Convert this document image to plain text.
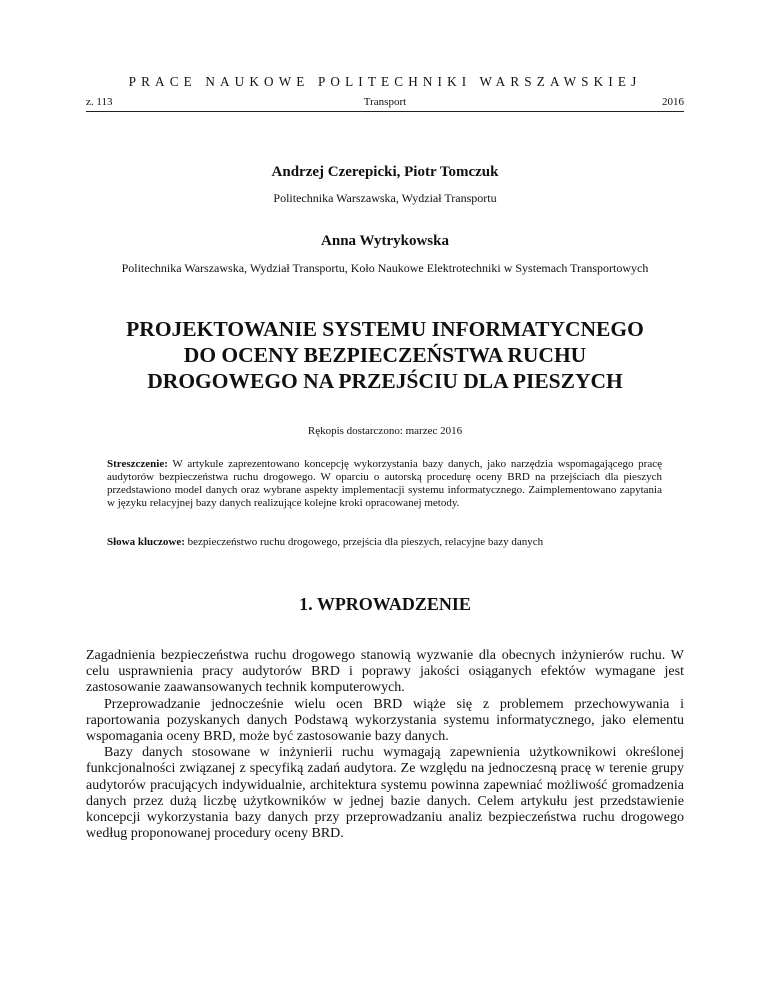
PRACE NAUKOWE POLITECHNIKI WARSZAWSKIEJ
z. 113	Transport	2016
Andrzej Czerepicki, Piotr Tomczuk
Politechnika Warszawska, Wydział Transportu
Anna Wytrykowska
Politechnika Warszawska, Wydział Transportu, Koło Naukowe Elektrotechniki w Systemach Transportowych
PROJEKTOWANIE SYSTEMU INFORMATYCNEGO
DO OCENY BEZPIECZEŃSTWA RUCHU
DROGOWEGO NA PRZEJŚCIU DLA PIESZYCH
Rękopis dostarczono: marzec 2016

Streszczenie: W artykule zaprezentowano koncepcję wykorzystania bazy danych, jako narzędzia wspomagającego pracę audytorów bezpieczeństwa ruchu drogowego. W oparciu o autorską procedurę oceny BRD na przejściach dla pieszych przedstawiono model danych oraz wybrane aspekty implementacji systemu informatycznego. Zaimplementowano zapytania w języku relacyjnej bazy danych realizujące kolejne kroki opracowanej metody.

Słowa kluczowe: bezpieczeństwo ruchu drogowego, przejścia dla pieszych, relacyjne bazy danych

1. WPROWADZENIE

Zagadnienia bezpieczeństwa ruchu drogowego stanowią wyzwanie dla obecnych inżynierów ruchu. W celu usprawnienia pracy audytorów BRD i poprawy jakości osiąganych efektów wymagane jest zastosowanie zaawansowanych technik komputerowych.

Przeprowadzanie jednocześnie wielu ocen BRD wiąże się z problemem przechowywania i raportowania pozyskanych danych Podstawą wykorzystania systemu informatycznego, jako elementu wspomagania oceny BRD, może być zastosowanie bazy danych.

Bazy danych stosowane w inżynierii ruchu wymagają zapewnienia użytkownikowi określonej funkcjonalności związanej z specyfiką zadań audytora. Ze względu na jednoczesną pracę w terenie grupy audytorów pracujących indywidualnie, architektura systemu powinna zapewniać możliwość gromadzenia danych przez dużą liczbę użytkowników w jednej bazie danych. Celem artykułu jest przedstawienie koncepcji wykorzystania bazy danych przy przeprowadzaniu analiz bezpieczeństwa ruchu drogowego według proponowanej procedury oceny BRD.
